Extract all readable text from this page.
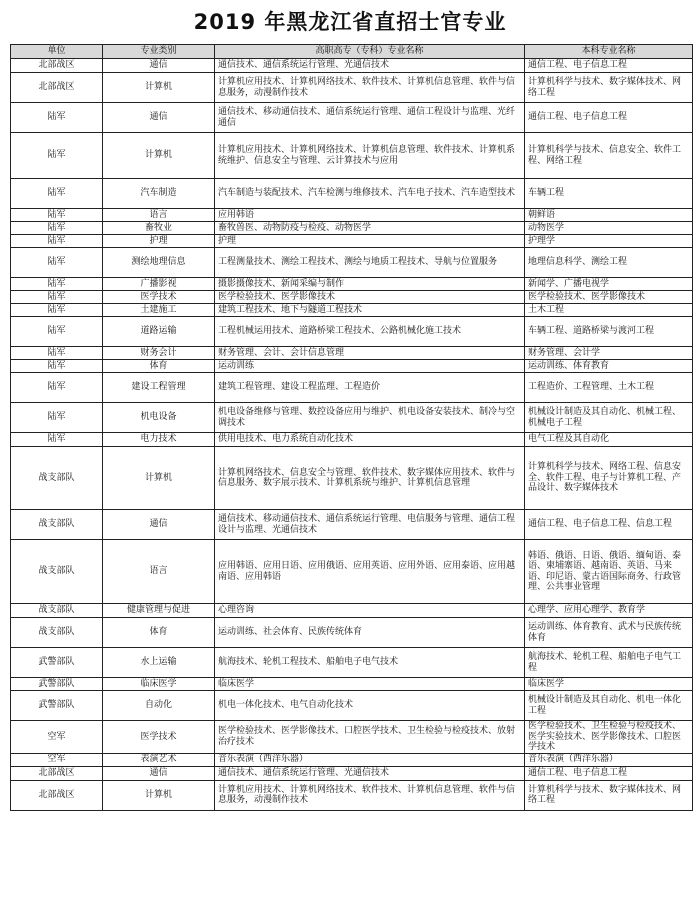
2019 年黑龙江省直招士官专业
单位	专业类别	高职高专（专科）专业名称	本科专业名称
北部战区	通信	通信技术、通信系统运行管理、光通信技术	通信工程、电子信息工程
北部战区	计算机	计算机应用技术、计算机网络技术、软件技术、计算机信息管理、软件与信息服务，动漫制作技术	计算机科学与技术、数字媒体技术、网络工程
陆军	通信	通信技术、移动通信技术、通信系统运行管理、通信工程设计与监理、光纤通信	通信工程、电子信息工程
陆军	计算机	计算机应用技术、计算机网络技术、计算机信息管理、软件技术、计算机系统维护、信息安全与管理、云计算技术与应用	计算机科学与技术、信息安全、软件工程、网络工程
陆军	汽车制造	汽车制造与装配技术、汽车检测与维修技术、汽车电子技术、汽车造型技术	车辆工程
陆军	语言	应用韩语	朝鲜语
陆军	畜牧业	畜牧兽医、动物防疫与检疫、动物医学	动物医学
陆军	护理	护理	护理学
陆军	测绘地理信息	工程测量技术、测绘工程技术、测绘与地质工程技术、导航与位置服务	地理信息科学、测绘工程
陆军	广播影视	摄影摄像技术、新闻采编与制作	新闻学、广播电视学
陆军	医学技术	医学检验技术、医学影像技术	医学检验技术、医学影像技术
陆军	土建施工	建筑工程技术、地下与隧道工程技术	土木工程
陆军	道路运输	工程机械运用技术、道路桥梁工程技术、公路机械化施工技术	车辆工程、道路桥梁与渡河工程
陆军	财务会计	财务管理、会计、会计信息管理	财务管理、会计学
陆军	体育	运动训练	运动训练、体育教育
陆军	建设工程管理	建筑工程管理、建设工程监理、工程造价	工程造价、工程管理、土木工程
陆军	机电设备	机电设备维修与管理、数控设备应用与维护、机电设备安装技术、制冷与空调技术	机械设计制造及其自动化、机械工程、机械电子工程
陆军	电力技术	供用电技术、电力系统自动化技术	电气工程及其自动化
战支部队	计算机	计算机网络技术、信息安全与管理、软件技术、数字媒体应用技术、软件与信息服务、数字展示技术、计算机系统与维护、计算机信息管理	计算机科学与技术、网络工程、信息安全、软件工程、电子与计算机工程、产品设计、数字媒体技术
战支部队	通信	通信技术、移动通信技术、通信系统运行管理、电信服务与管理、通信工程设计与监理、光通信技术	通信工程、电子信息工程、信息工程
战支部队	语言	应用韩语、应用日语、应用俄语、应用英语、应用外语、应用泰语、应用越南语、应用韩语	韩语、俄语、日语、俄语、缅甸语、泰语、柬埔寨语、越南语、英语、马来语、印尼语、蒙古语国际商务、行政管理、公共事业管理
战支部队	健康管理与促进	心理咨询	心理学、应用心理学、教育学
战支部队	体育	运动训练、社会体育、民族传统体育	运动训练、体育教育、武术与民族传统体育
武警部队	水上运输	航海技术、轮机工程技术、船舶电子电气技术	航海技术、轮机工程、船舶电子电气工程
武警部队	临床医学	临床医学	临床医学
武警部队	自动化	机电一体化技术、电气自动化技术	机械设计制造及其自动化、机电一体化工程
空军	医学技术	医学检验技术、医学影像技术、口腔医学技术、卫生检验与检疫技术、放射治疗技术	医学检验技术、卫生检验与检疫技术、医学实验技术、医学影像技术、口腔医学技术
空军	表演艺术	音乐表演（西洋乐器）	音乐表演（西洋乐器）
北部战区	通信	通信技术、通信系统运行管理、光通信技术	通信工程、电子信息工程
北部战区	计算机	计算机应用技术、计算机网络技术、软件技术、计算机信息管理、软件与信息服务，动漫制作技术	计算机科学与技术、数字媒体技术、网络工程
